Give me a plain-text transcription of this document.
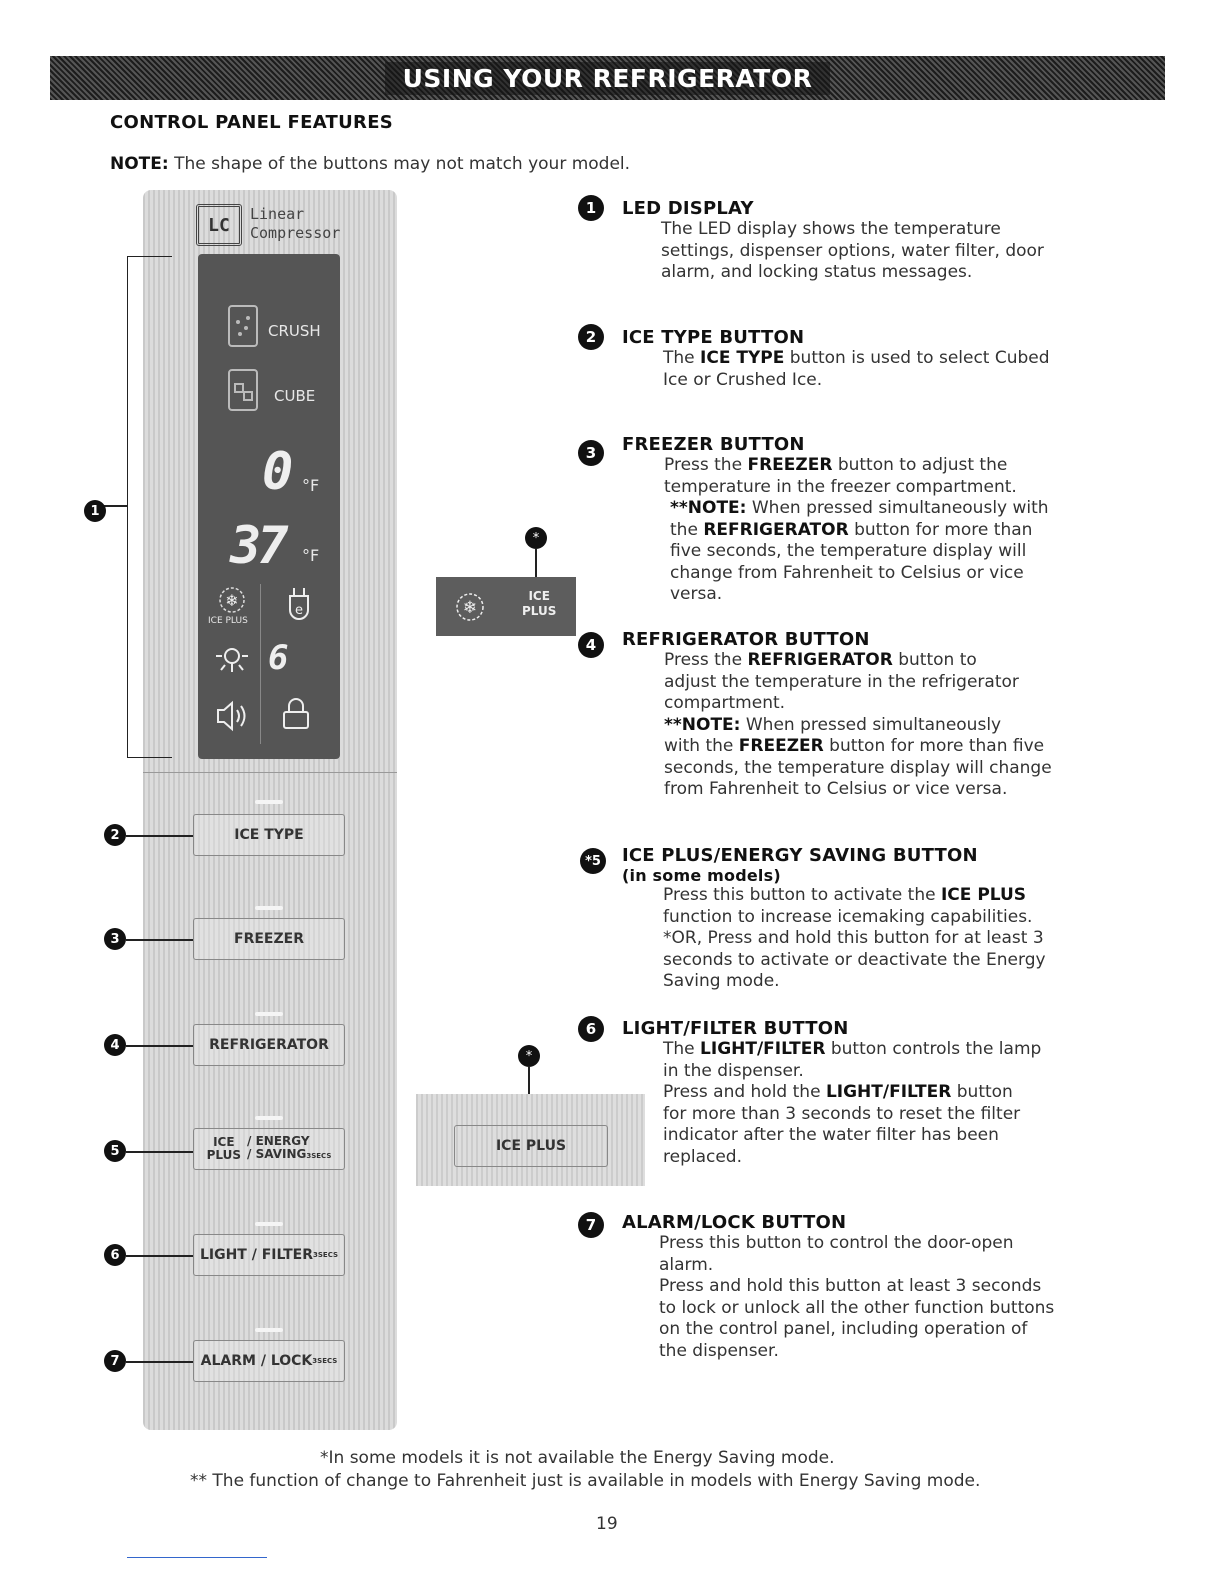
USING YOUR REFRIGERATOR
CONTROL PANEL FEATURES
NOTE: The shape of the buttons may not match your model.
LC
Linear
Compressor
CRUSH
CUBE
0 °F
37 °F
❄
ICE PLUS
e
6
1
2	ICE TYPE
3	FREEZER
4	REFRIGERATOR
5
ICE
PLUS
/ ENERGY
/ SAVING3SECS
6	LIGHT / FILTER 3SECS
7	ALARM / LOCK 3SECS
*
❄
ICE
PLUS
*
ICE PLUS
1	LED DISPLAY
The LED display shows the temperature
settings, dispenser options, water filter, door
alarm, and locking status messages.
2	ICE TYPE BUTTON
The ICE TYPE button is used to select Cubed
Ice or Crushed Ice.
3	FREEZER BUTTON
Press the FREEZER button to adjust the
temperature in the freezer compartment.
**NOTE: When pressed simultaneously with
the REFRIGERATOR button for more than
five seconds, the temperature display will
change from Fahrenheit to Celsius or vice
versa.
4	REFRIGERATOR BUTTON
Press the REFRIGERATOR button to
adjust the temperature in the refrigerator
compartment.
**NOTE: When pressed simultaneously
with the FREEZER button for more than five
seconds, the temperature display will change
from Fahrenheit to Celsius or vice versa.
*5 ICE PLUS/ENERGY SAVING BUTTON
(in some models)
Press this button to activate the ICE PLUS
function to increase icemaking capabilities.
*OR, Press and hold this button for at least 3
seconds to activate or deactivate the Energy
Saving mode.
6	LIGHT/FILTER BUTTON
The LIGHT/FILTER button controls the lamp
in the dispenser.
Press and hold the LIGHT/FILTER button
for more than 3 seconds to reset the filter
indicator after the water filter has been
replaced.
7	ALARM/LOCK BUTTON
Press this button to control the door-open
alarm.
Press and hold this button at least 3 seconds
to lock or unlock all the other function buttons
on the control panel, including operation of
the dispenser.
*In some models it is not available the Energy Saving mode.
** The function of change to Fahrenheit just is available in models with Energy Saving mode.
19
